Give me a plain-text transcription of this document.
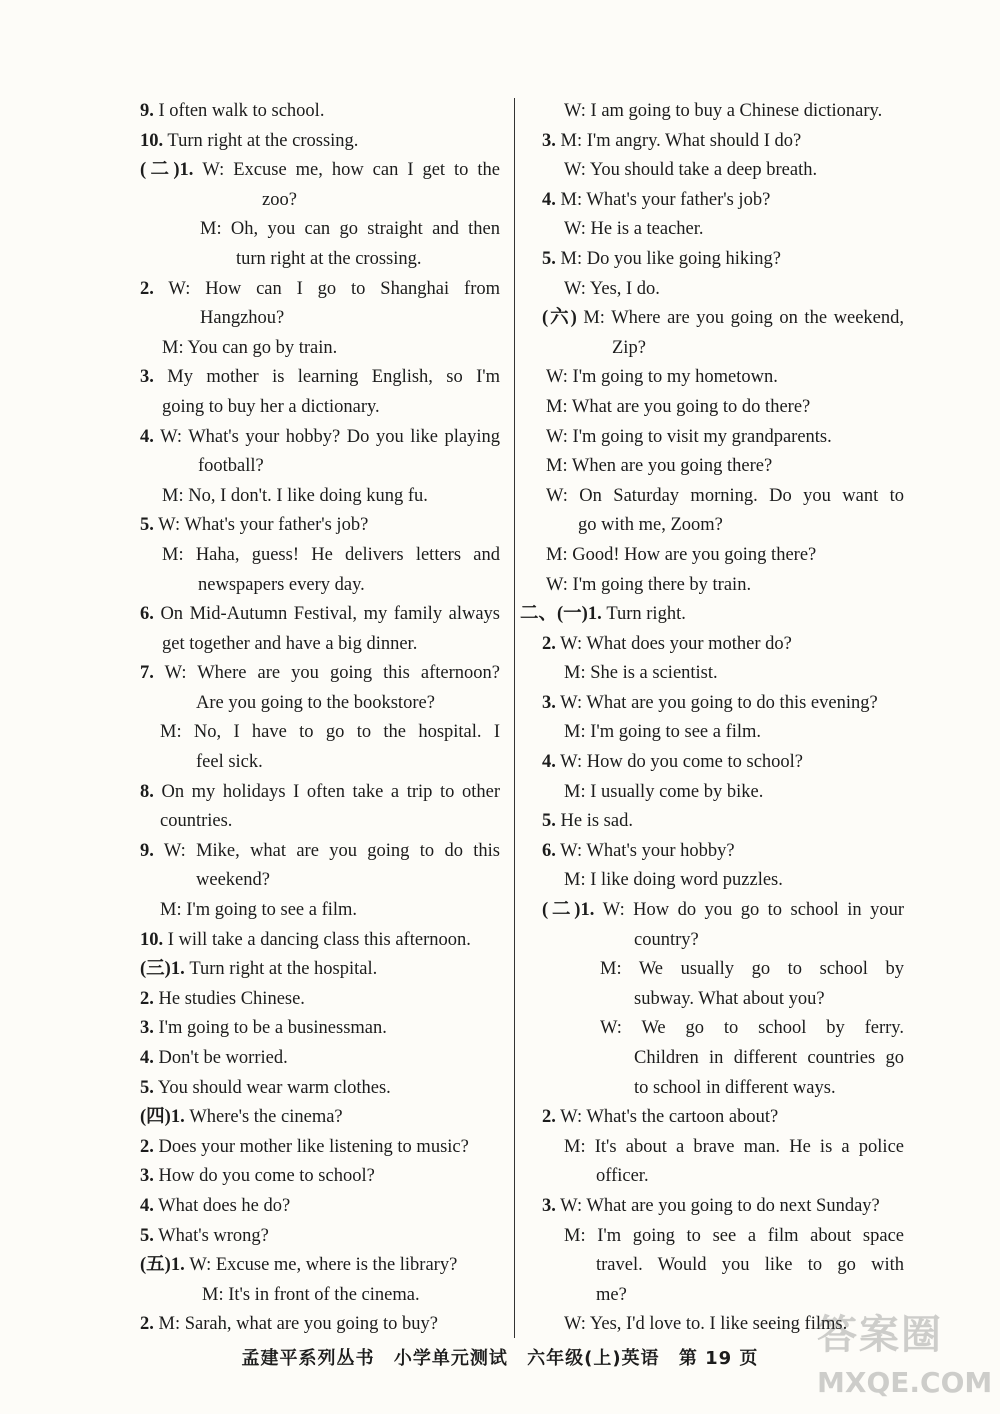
9. I often walk to school.
10. Turn right at the crossing.
(二)1. W: Excuse me, how can I get to the
zoo?
M: Oh, you can go straight and then
turn right at the crossing.
2. W: How can I go to Shanghai from
Hangzhou?
M: You can go by train.
3. My mother is learning English, so I'm
going to buy her a dictionary.
4. W: What's your hobby? Do you like playing
football?
M: No, I don't. I like doing kung fu.
5. W: What's your father's job?
M: Haha, guess! He delivers letters and
newspapers every day.
6. On Mid-Autumn Festival, my family always
get together and have a big dinner.
7. W: Where are you going this afternoon?
Are you going to the bookstore?
M: No, I have to go to the hospital. I
feel sick.
8. On my holidays I often take a trip to other
countries.
9. W: Mike, what are you going to do this
weekend?
M: I'm going to see a film.
10. I will take a dancing class this afternoon.
(三)1. Turn right at the hospital.
2. He studies Chinese.
3. I'm going to be a businessman.
4. Don't be worried.
5. You should wear warm clothes.
(四)1. Where's the cinema?
2. Does your mother like listening to music?
3. How do you come to school?
4. What does he do?
5. What's wrong?
(五)1. W: Excuse me, where is the library?
M: It's in front of the cinema.
2. M: Sarah, what are you going to buy?
W: I am going to buy a Chinese dictionary.
3. M: I'm angry. What should I do?
W: You should take a deep breath.
4. M: What's your father's job?
W: He is a teacher.
5. M: Do you like going hiking?
W: Yes, I do.
(六) M: Where are you going on the weekend,
Zip?
W: I'm going to my hometown.
M: What are you going to do there?
W: I'm going to visit my grandparents.
M: When are you going there?
W: On Saturday morning. Do you want to
go with me, Zoom?
M: Good! How are you going there?
W: I'm going there by train.
二、(一)1. Turn right.
2. W: What does your mother do?
M: She is a scientist.
3. W: What are you going to do this evening?
M: I'm going to see a film.
4. W: How do you come to school?
M: I usually come by bike.
5. He is sad.
6. W: What's your hobby?
M: I like doing word puzzles.
(二)1. W: How do you go to school in your
country?
M: We usually go to school by
subway. What about you?
W: We go to school by ferry.
Children in different countries go
to school in different ways.
2. W: What's the cartoon about?
M: It's about a brave man. He is a police
officer.
3. W: What are you going to do next Sunday?
M: I'm going to see a film about space
travel. Would you like to go with
me?
W: Yes, I'd love to. I like seeing films.
孟建平系列丛书 小学单元测试 六年级(上)英语 第 19 页
答案圈
MXQE.COM
